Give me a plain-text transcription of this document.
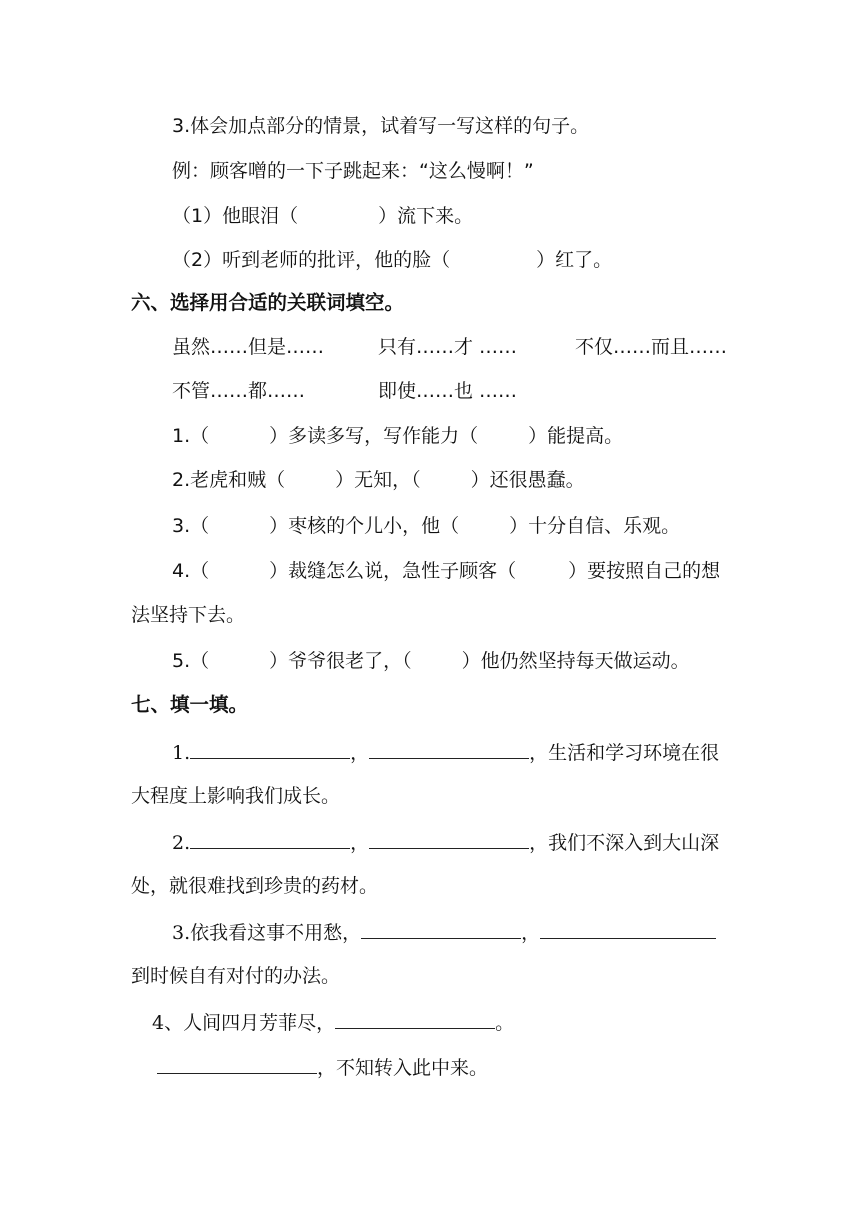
3.体会加点部分的情景，试着写一写这样的句子。
例：顾客噌的一下子跳起来：“这么慢啊！”
（1）他眼泪（	）流下来。
（2）听到老师的批评，他的脸（	）红了。
六、选择用合适的关联词填空。
虽然……但是……	只有……才 ……	不仅……而且……
不管……都……	即使……也 ……
1.（	）多读多写，写作能力（	）能提高。
2.老虎和贼（	）无知，（	）还很愚蠢。
3.（	）枣核的个儿小，他（	）十分自信、乐观。
4.（	）裁缝怎么说，急性子顾客（	）要按照自己的想
法坚持下去。
5.（	）爷爷很老了，（	）他仍然坚持每天做运动。
七、填一填。
1.	，	，生活和学习环境在很
大程度上影响我们成长。
2.	，	，我们不深入到大山深
处，就很难找到珍贵的药材。
3.依我看这事不用愁，	，
到时候自有对付的办法。
4、人间四月芳菲尽，	。
，不知转入此中来。
